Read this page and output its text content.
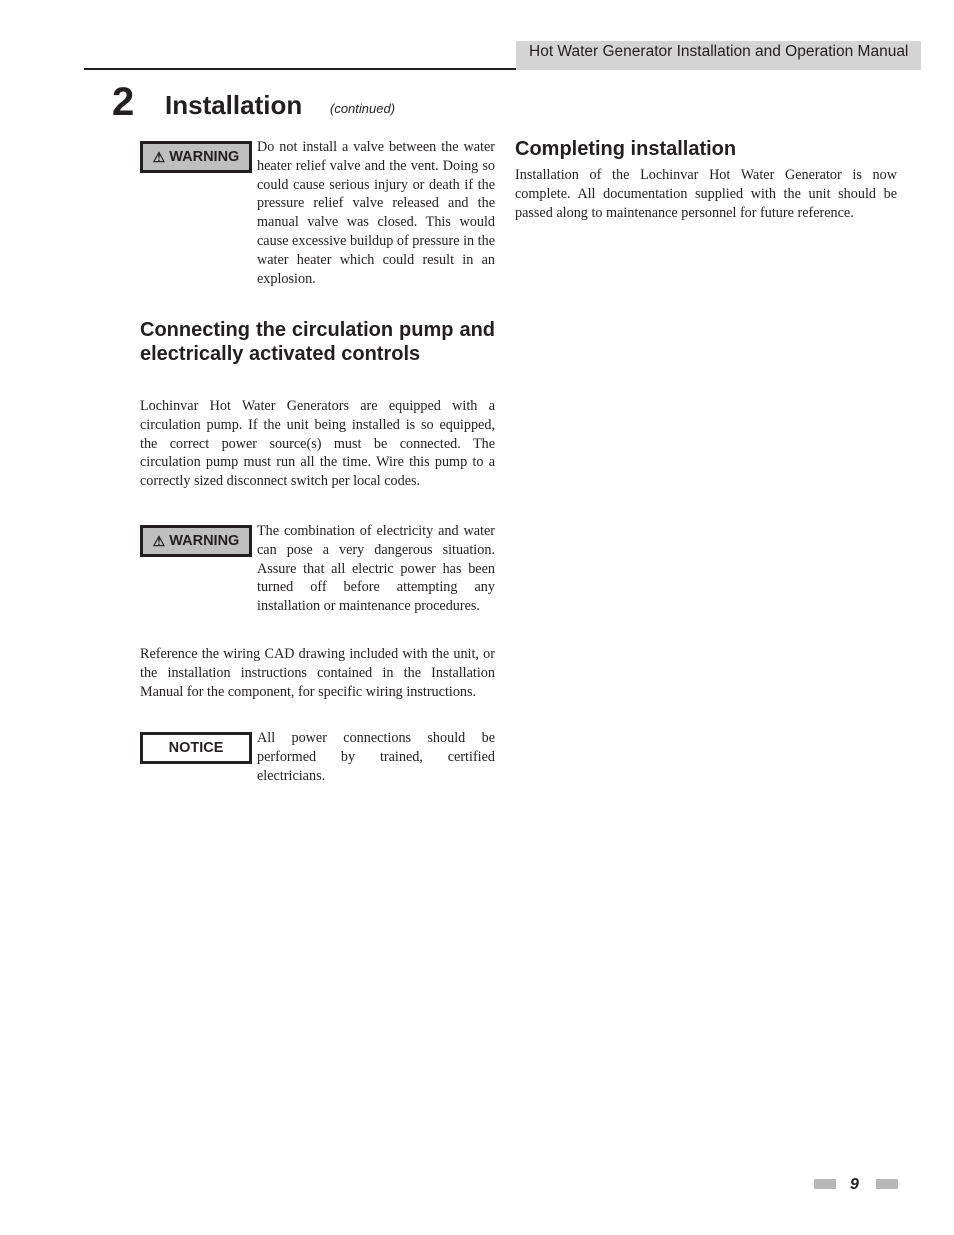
Hot Water Generator Installation and Operation Manual
2 Installation (continued)
⚠ WARNING
Do not install a valve between the water heater relief valve and the vent. Doing so could cause serious injury or death if the pressure relief valve released and the manual valve was closed. This would cause excessive buildup of pressure in the water heater which could result in an explosion.
Connecting the circulation pump and electrically activated controls
Lochinvar Hot Water Generators are equipped with a circulation pump. If the unit being installed is so equipped, the correct power source(s) must be connected. The circulation pump must run all the time. Wire this pump to a correctly sized disconnect switch per local codes.
⚠ WARNING
The combination of electricity and water can pose a very dangerous situation. Assure that all electric power has been turned off before attempting any installation or maintenance procedures.
Reference the wiring CAD drawing included with the unit, or the installation instructions contained in the Installation Manual for the component, for specific wiring instructions.
NOTICE
All power connections should be performed by trained, certified electricians.
Completing installation
Installation of the Lochinvar Hot Water Generator is now complete. All documentation supplied with the unit should be passed along to maintenance personnel for future reference.
9
